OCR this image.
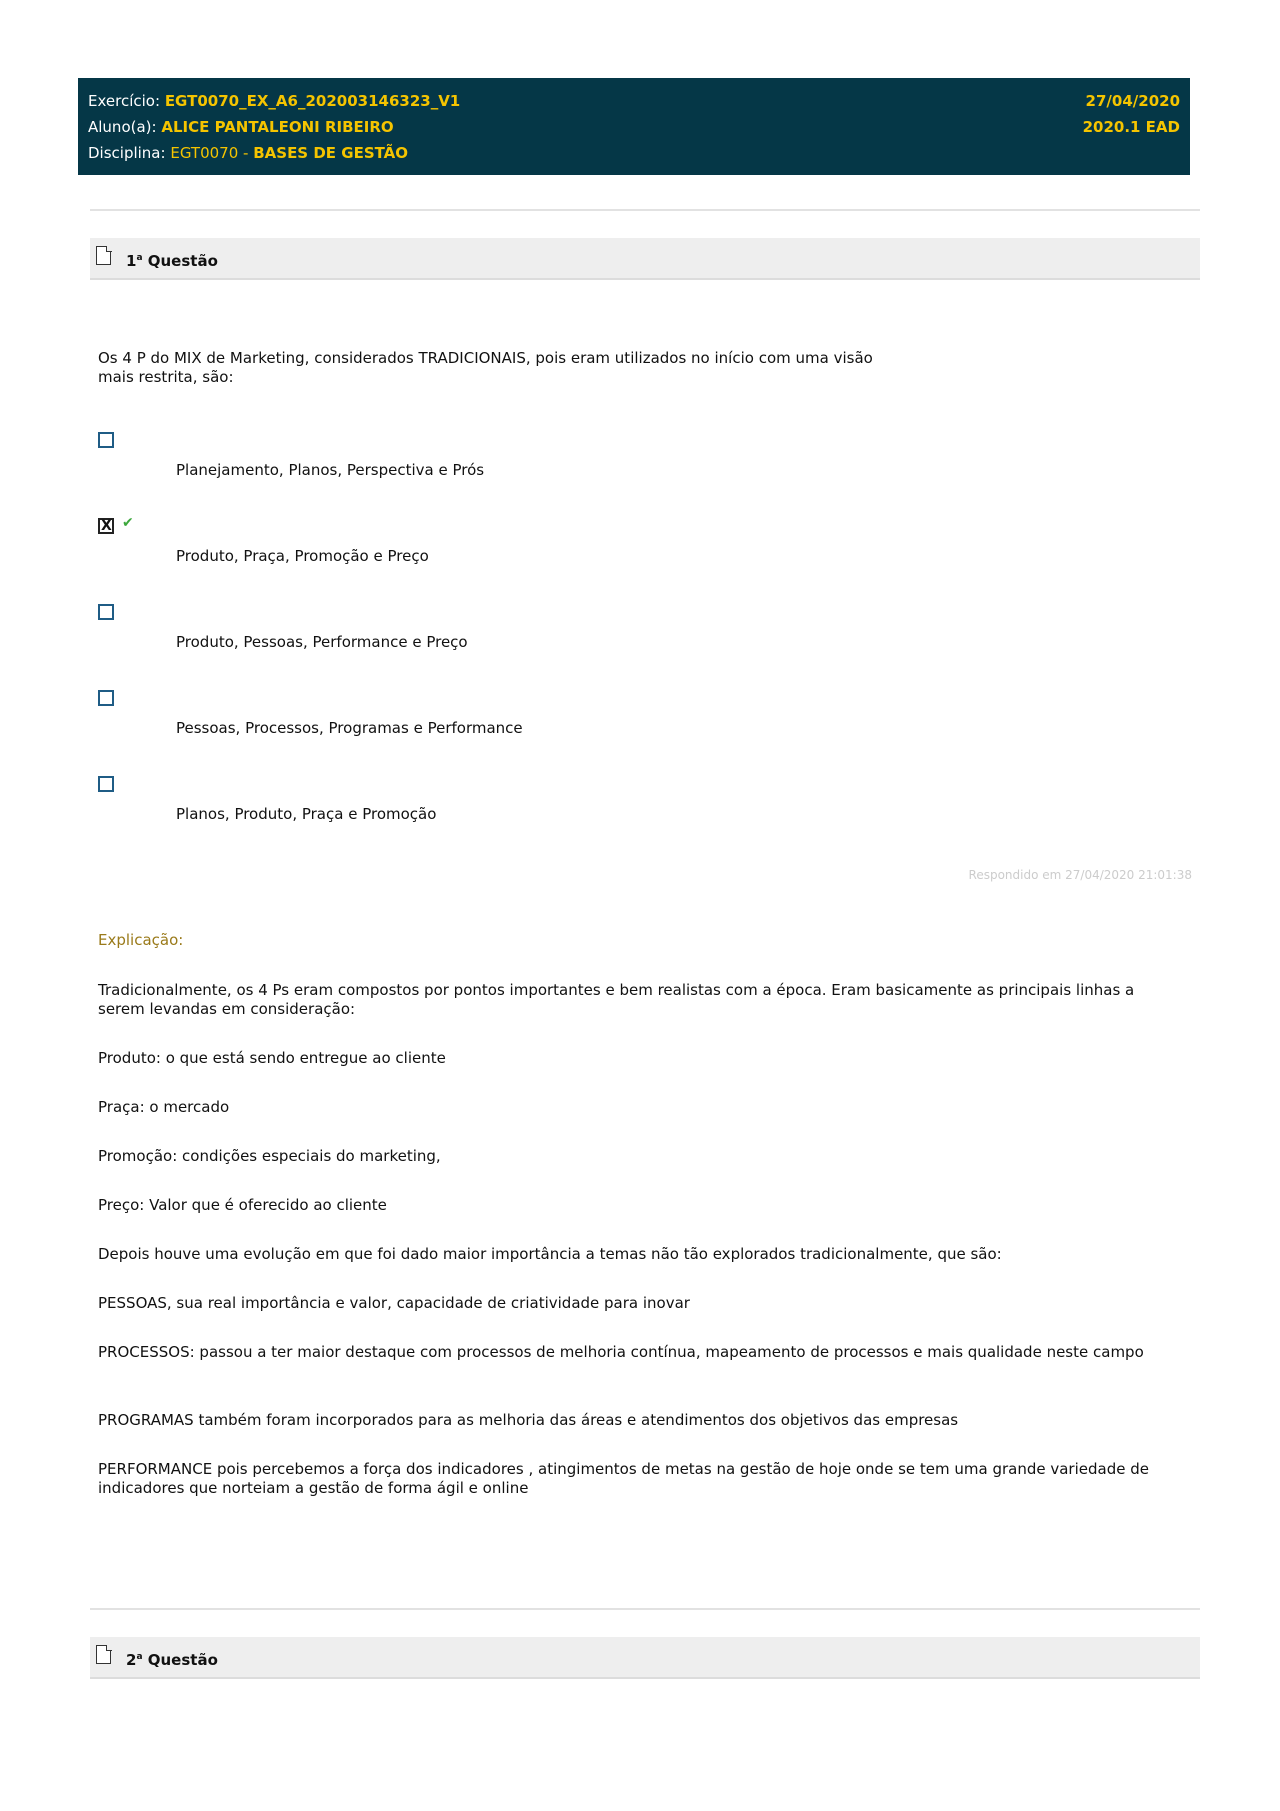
Exercício: EGT0070_EX_A6_202003146323_V1	27/04/2020
Aluno(a): ALICE PANTALEONI RIBEIRO	2020.1 EAD
Disciplina: EGT0070 - BASES DE GESTÃO
1$^a$ Questão
Os 4 P do MIX de Marketing, considerados TRADICIONAIS, pois eram utilizados no início com uma visão mais restrita, são:
Planejamento, Planos, Perspectiva e Prós
X ✔
Produto, Praça, Promoção e Preço
Produto, Pessoas, Performance e Preço
Pessoas, Processos, Programas e Performance
Planos, Produto, Praça e Promoção
Respondido em 27/04/2020 21:01:38
Explicação:
Tradicionalmente, os 4 Ps eram compostos por pontos importantes e bem realistas com a época. Eram basicamente as principais linhas a serem levandas em consideração:
Produto: o que está sendo entregue ao cliente
Praça: o mercado
Promoção: condições especiais do marketing,
Preço: Valor que é oferecido ao cliente
Depois houve uma evolução em que foi dado maior importância a temas não tão explorados tradicionalmente, que são:
PESSOAS, sua real importância e valor, capacidade de criatividade para inovar
PROCESSOS: passou a ter maior destaque com processos de melhoria contínua, mapeamento de processos e mais qualidade neste campo
PROGRAMAS também foram incorporados para as melhoria das áreas e atendimentos dos objetivos das empresas
PERFORMANCE pois percebemos a força dos indicadores , atingimentos de metas na gestão de hoje onde se tem uma grande variedade de indicadores que norteiam a gestão de forma ágil e online
2$^a$ Questão
